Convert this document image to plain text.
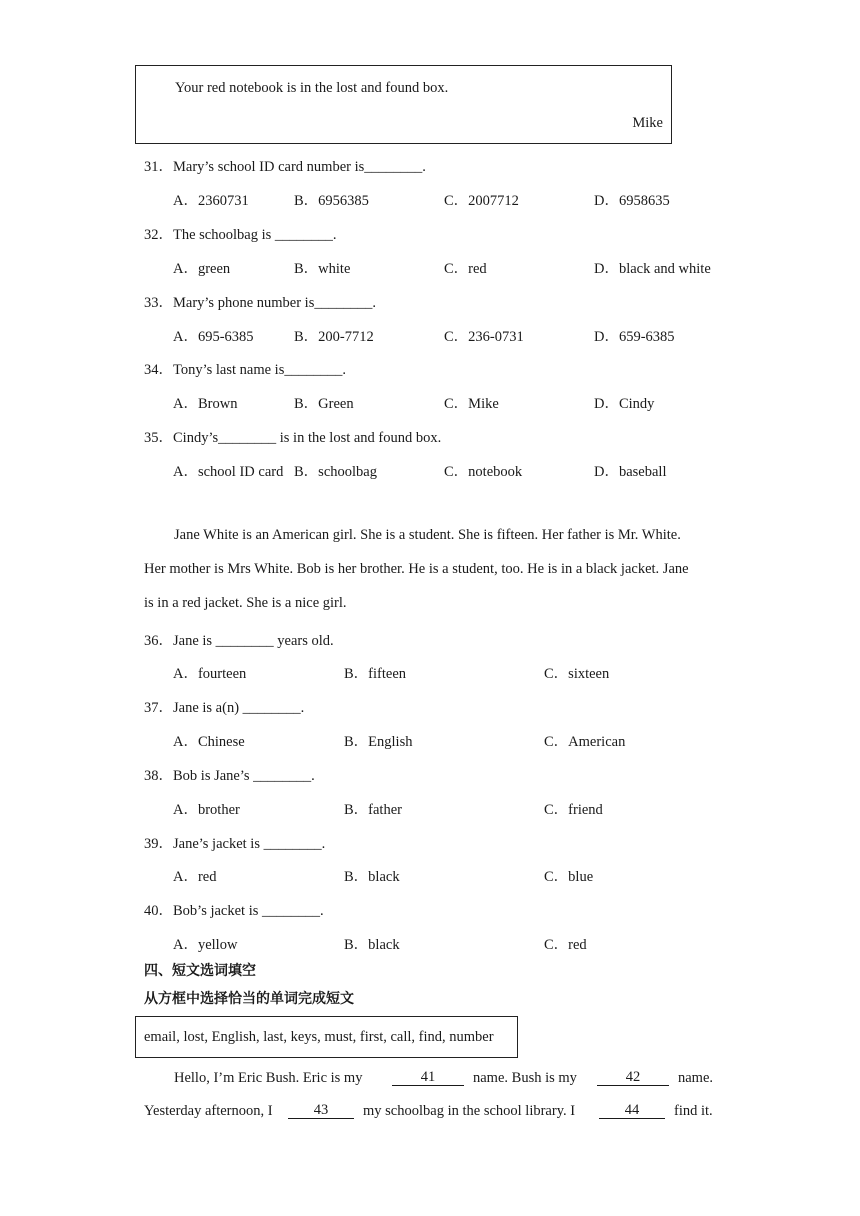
Your red notebook is in the lost and found box.
Mike
31．Mary’s school ID card number is________.
A．2360731	B．6956385	C．2007712	D．6958635
32．The schoolbag is ________.
A．green	B．white	C．red	D．black and white
33．Mary’s phone number is________.
A．695-6385	B．200-7712	C．236-0731	D．659-6385
34．Tony’s last name is________.
A．Brown	B．Green	C．Mike	D．Cindy
35．Cindy’s________ is in the lost and found box.
A．school ID card B．schoolbag	C．notebook	D．baseball
Jane White is an American girl. She is a student. She is fifteen. Her father is Mr. White.
Her mother is Mrs White. Bob is her brother. He is a student, too. He is in a black jacket. Jane
is in a red jacket. She is a nice girl.
36．Jane is ________ years old.
A．fourteen	B．fifteen	C．sixteen
37．Jane is a(n) ________.
A．Chinese	B．English	C．American
38．Bob is Jane’s ________.
A．brother	B．father	C．friend
39．Jane’s jacket is ________.
A．red	B．black	C．blue
40．Bob’s jacket is ________.
A．yellow	B．black	C．red
四、短文选词填空
从方框中选择恰当的单词完成短文
email, lost, English, last, keys, must, first, call, find, number
Hello, I’m Eric Bush. Eric is my	41	name. Bush is my	42	name.
Yesterday afternoon, I	43	my schoolbag in the school library. I	44	find it.
